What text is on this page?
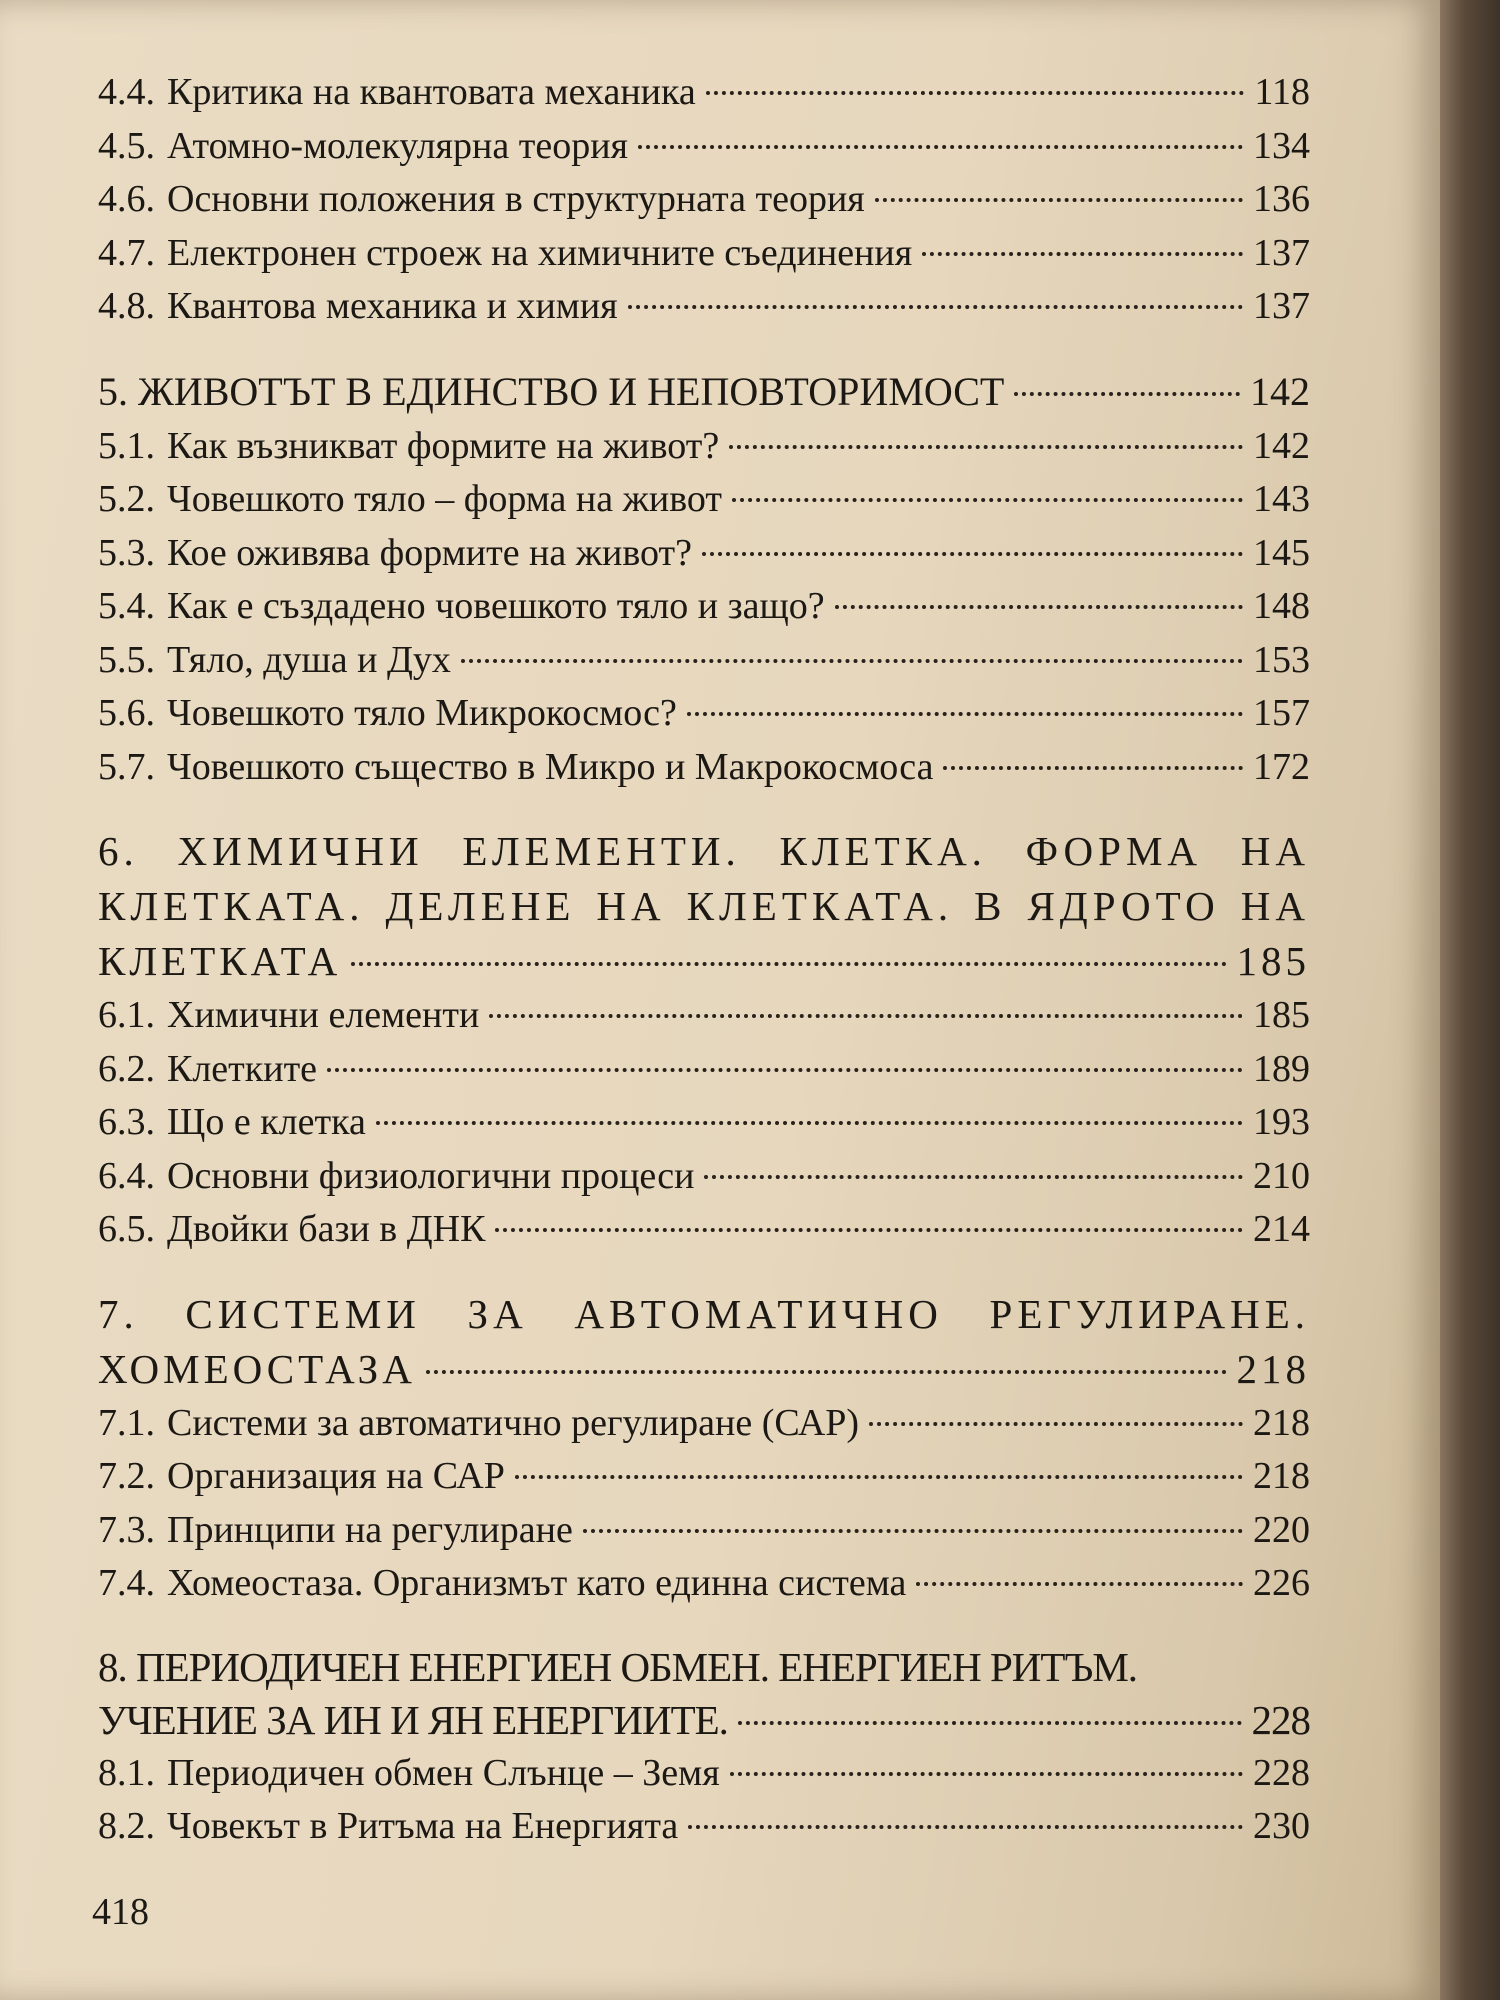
4.4. Критика на квантовата механика	118
4.5. Атомно-молекулярна теория	134
4.6. Основни положения в структурната теория	136
4.7. Електронен строеж на химичните съединения	137
4.8. Квантова механика и химия	137
5. ЖИВОТЪТ В ЕДИНСТВО И НЕПОВТОРИМОСТ	142
5.1. Как възникват формите на живот?	142
5.2. Човешкото тяло – форма на живот	143
5.3. Кое оживява формите на живот?	145
5.4. Как е създадено човешкото тяло и защо?	148
5.5. Тяло, душа и Дух	153
5.6. Човешкото тяло Микрокосмос?	157
5.7. Човешкото същество в Микро и Макрокосмоса	172
6. ХИМИЧНИ ЕЛЕМЕНТИ. КЛЕТКА. ФОРМА НА
КЛЕТКАТА. ДЕЛЕНЕ НА КЛЕТКАТА. В ЯДРОТО НА
КЛЕТКАТА	185
6.1. Химични елементи	185
6.2. Клетките	189
6.3. Що е клетка	193
6.4. Основни физиологични процеси	210
6.5. Двойки бази в ДНК	214
7. СИСТЕМИ ЗА АВТОМАТИЧНО РЕГУЛИРАНЕ.
ХОМЕОСТАЗА	218
7.1. Системи за автоматично регулиране (САР)	218
7.2. Организация на САР	218
7.3. Принципи на регулиране	220
7.4. Хомеостаза. Организмът като единна система	226
8. ПЕРИОДИЧЕН ЕНЕРГИЕН ОБМЕН. ЕНЕРГИЕН РИТЪМ.
УЧЕНИЕ ЗА ИН И ЯН ЕНЕРГИИТЕ.	228
8.1. Периодичен обмен Слънце – Земя	228
8.2. Човекът в Ритъма на Енергията	230
418
